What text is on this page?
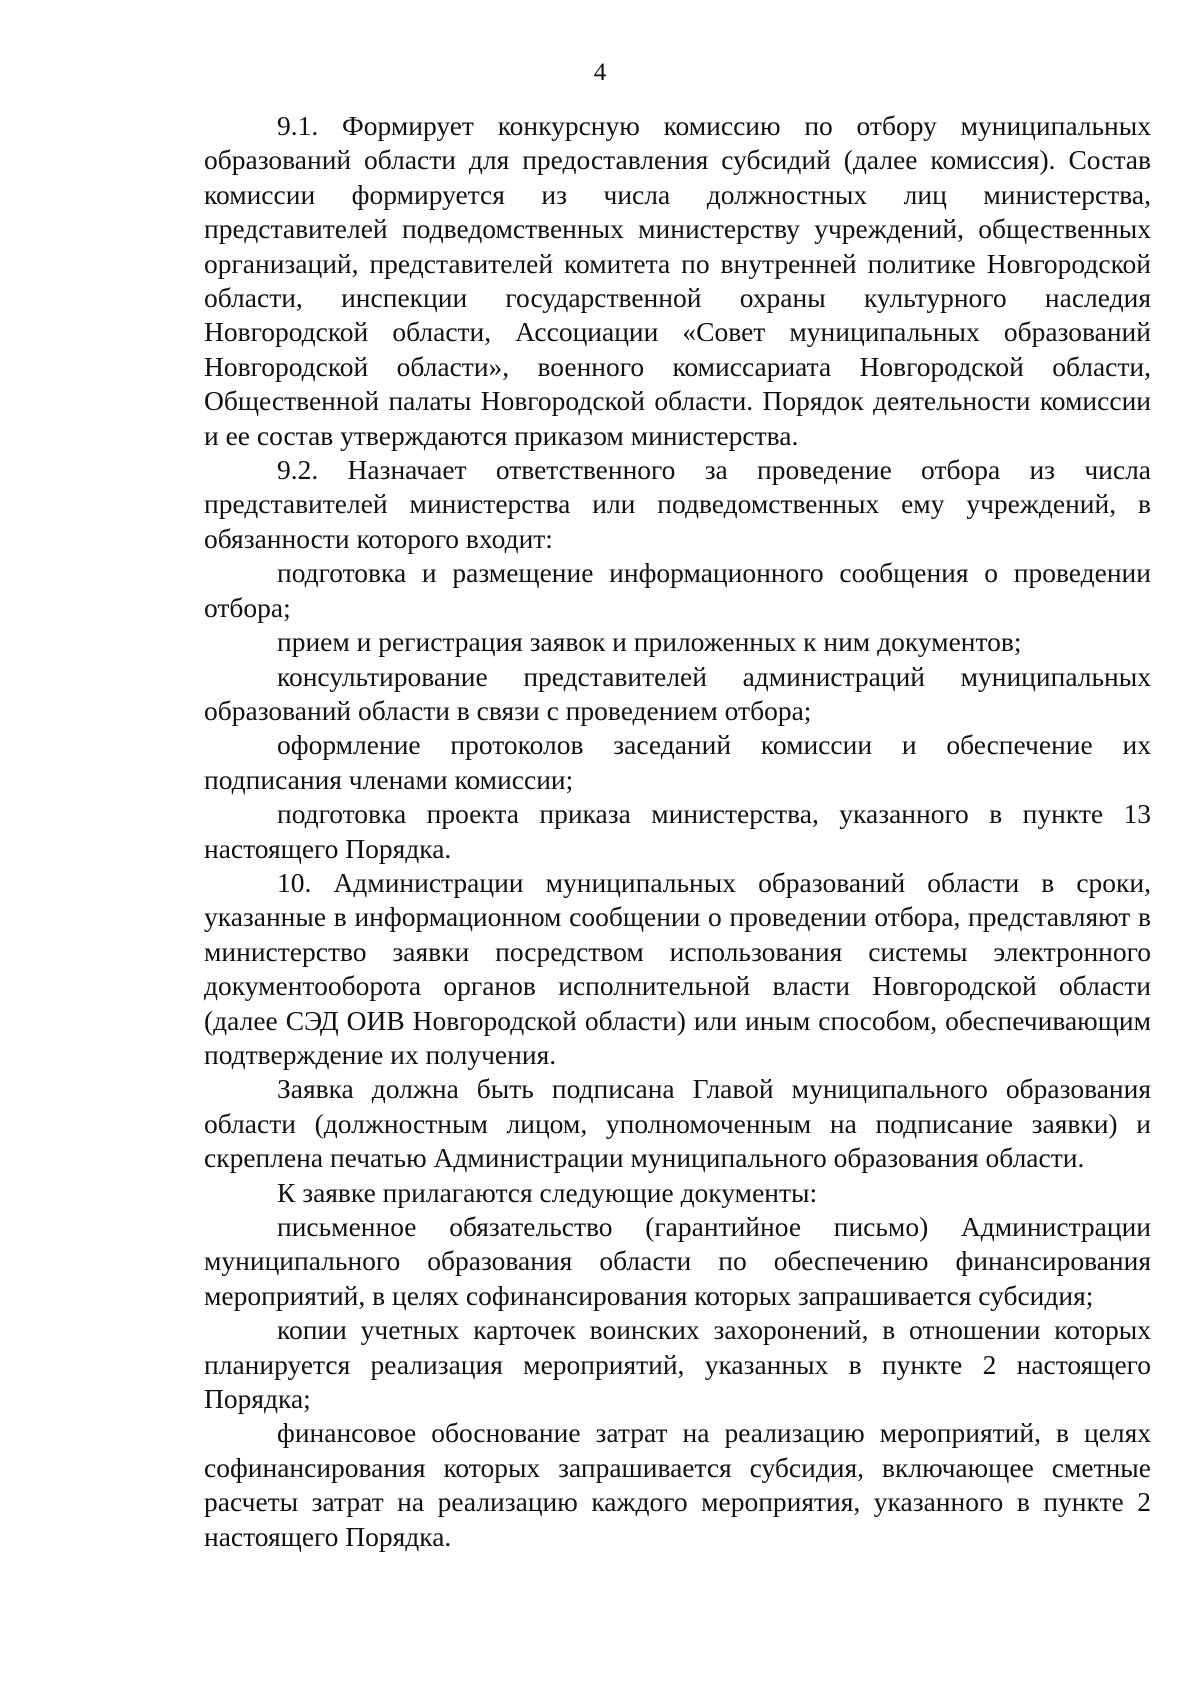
4

9.1. Формирует конкурсную комиссию по отбору муниципальных образований области для предоставления субсидий (далее комиссия). Состав комиссии формируется из числа должностных лиц министерства, представителей подведомственных министерству учреждений, общественных организаций, представителей комитета по внутренней политике Новгородской области, инспекции государственной охраны культурного наследия Новгородской области, Ассоциации «Совет муниципальных образований Новгородской области», военного комиссариата Новгородской области, Общественной палаты Новгородской области. Порядок деятельности комиссии и ее состав утверждаются приказом министерства.

9.2. Назначает ответственного за проведение отбора из числа представителей министерства или подведомственных ему учреждений, в обязанности которого входит:

подготовка и размещение информационного сообщения о проведении отбора;

прием и регистрация заявок и приложенных к ним документов;

консультирование представителей администраций муниципальных образований области в связи с проведением отбора;

оформление протоколов заседаний комиссии и обеспечение их подписания членами комиссии;

подготовка проекта приказа министерства, указанного в пункте 13 настоящего Порядка.

10. Администрации муниципальных образований области в сроки, указанные в информационном сообщении о проведении отбора, представляют в министерство заявки посредством использования системы электронного документооборота органов исполнительной власти Новгородской области (далее СЭД ОИВ Новгородской области) или иным способом, обеспечивающим подтверждение их получения.

Заявка должна быть подписана Главой муниципального образования области (должностным лицом, уполномоченным на подписание заявки) и скреплена печатью Администрации муниципального образования области.

К заявке прилагаются следующие документы:

письменное обязательство (гарантийное письмо) Администрации муниципального образования области по обеспечению финансирования мероприятий, в целях софинансирования которых запрашивается субсидия;

копии учетных карточек воинских захоронений, в отношении которых планируется реализация мероприятий, указанных в пункте 2 настоящего Порядка;

финансовое обоснование затрат на реализацию мероприятий, в целях софинансирования которых запрашивается субсидия, включающее сметные расчеты затрат на реализацию каждого мероприятия, указанного в пункте 2 настоящего Порядка.
